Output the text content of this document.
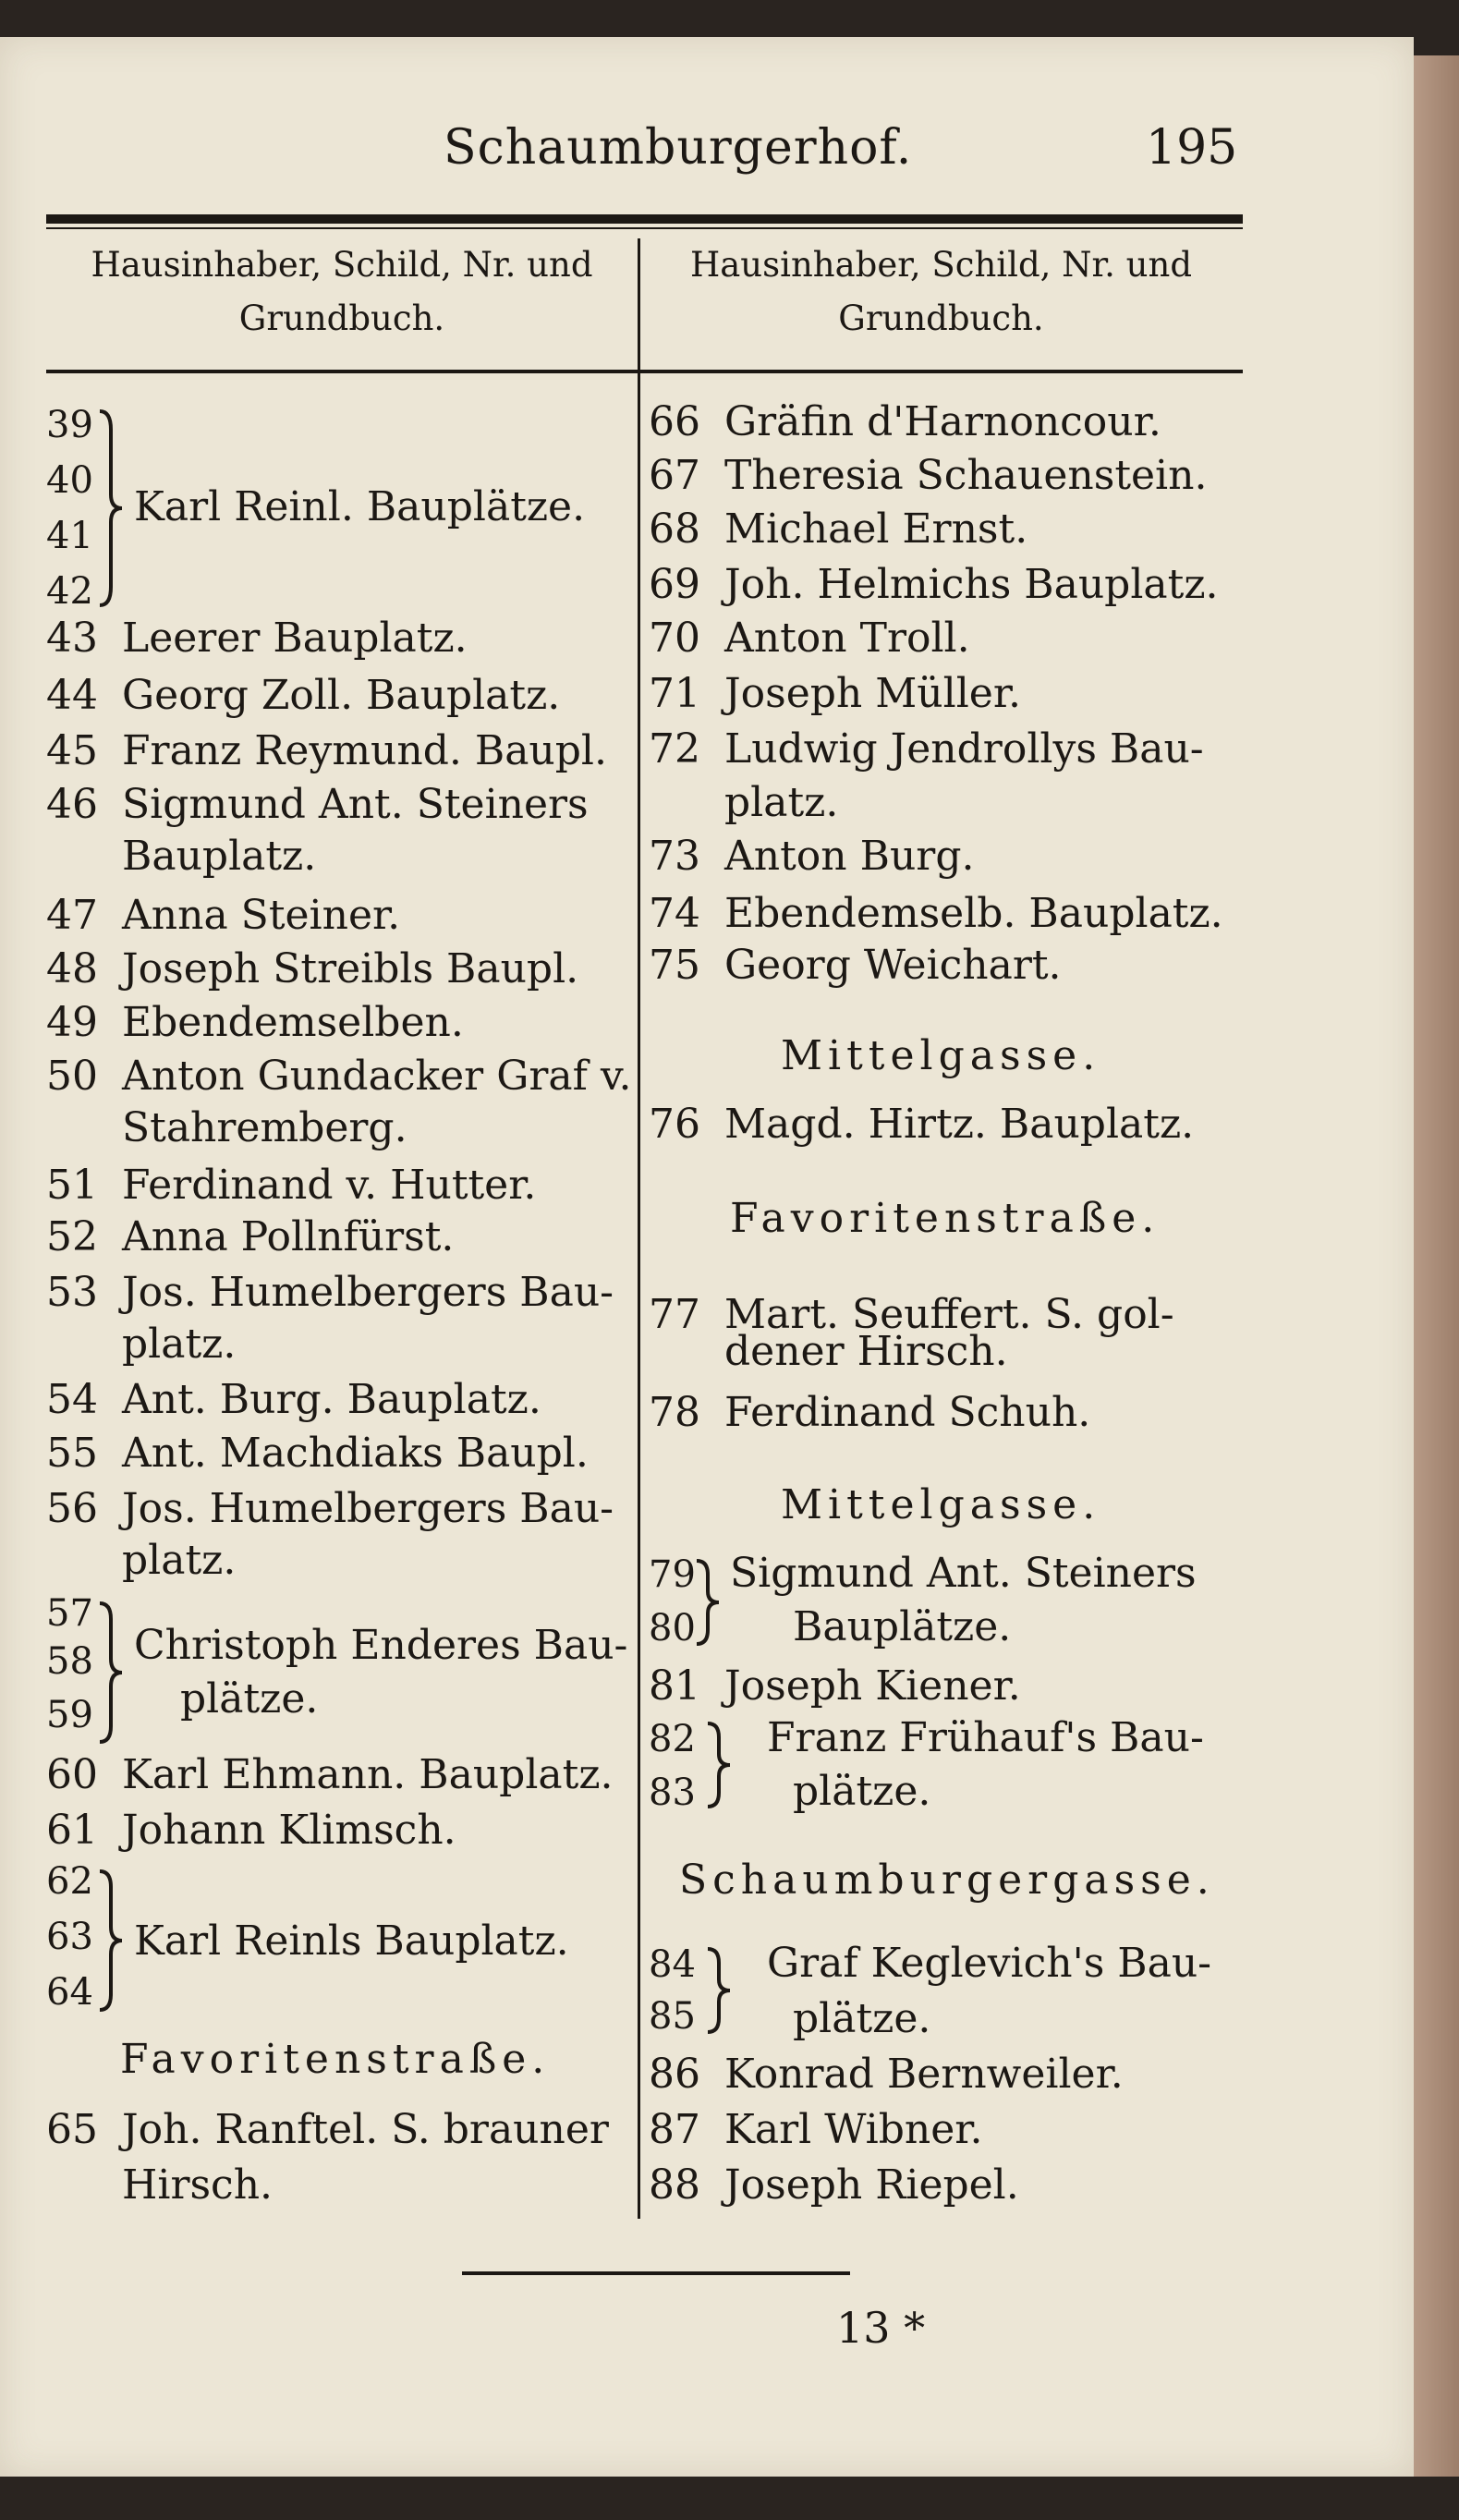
Schaumburgerhof.	195
Hausinhaber, Schild, Nr. und
Grundbuch.
Hausinhaber, Schild, Nr. und
Grundbuch.
39
40
41
42
Karl Reinl. Bauplätze.
43 Leerer Bauplatz.
44 Georg Zoll. Bauplatz.
45 Franz Reymund. Baupl.
46 Sigmund Ant. Steiners
Bauplatz.
47 Anna Steiner.
48 Joseph Streibls Baupl.
49 Ebendemselben.
50 Anton Gundacker Graf v.
Stahremberg.
51 Ferdinand v. Hutter.
52 Anna Pollnfürst.
53 Jos. Humelbergers Bau-
platz.
54 Ant. Burg. Bauplatz.
55 Ant. Machdiaks Baupl.
56 Jos. Humelbergers Bau-
platz.
57
58
59
Christoph Enderes Bau-
plätze.
60 Karl Ehmann. Bauplatz.
61 Johann Klimsch.
62
63
64
Karl Reinls Bauplatz.
Favoritenstraße.
65 Joh. Ranftel. S. brauner
Hirsch.
66 Gräfin d'Harnoncour.
67 Theresia Schauenstein.
68 Michael Ernst.
69 Joh. Helmichs Bauplatz.
70 Anton Troll.
71 Joseph Müller.
72 Ludwig Jendrollys Bau-
platz.
73 Anton Burg.
74 Ebendemselb. Bauplatz.
75 Georg Weichart.
Mittelgasse.
76 Magd. Hirtz. Bauplatz.
Favoritenstraße.
77 Mart. Seuffert. S. gol-
dener Hirsch.
78 Ferdinand Schuh.
Mittelgasse.
79
80
Sigmund Ant. Steiners
Bauplätze.
81 Joseph Kiener.
82
83
Franz Frühauf's Bau-
plätze.
Schaumburgergasse.
84
85
Graf Keglevich's Bau-
plätze.
86 Konrad Bernweiler.
87 Karl Wibner.
88 Joseph Riepel.
13 *
